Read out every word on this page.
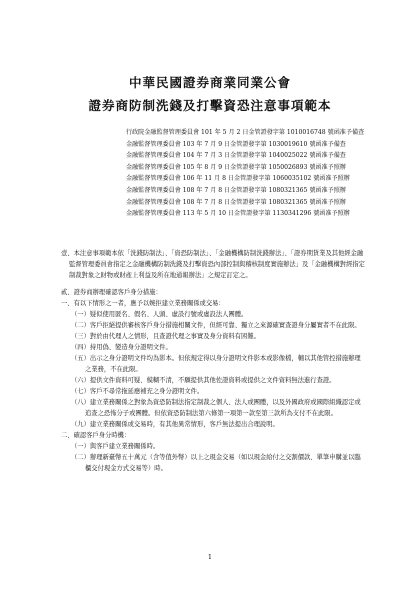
中華民國證券商業同業公會
證券商防制洗錢及打擊資恐注意事項範本
行政院金融監督管理委員會 101 年 5 月 2 日金管證發字第 1010016748 號函准予備查
金融監督管理委員會 103 年 7 月 9 日金管證發字第 1030019610 號函准予備查
金融監督管理委員會 104 年 7 月 3 日金管證發字第 1040025022 號函准予備查
金融監督管理委員會 105 年 8 月 9 日金管證發字第 1050026893 號函准予照辦
金融監督管理委員會 106 年 11 月 8 日金管證發字第 1060035102 號函准予照辦
金融監督管理委員會 108 年 7 月 8 日金管證發字第 1080321365 號函准予照辦
金融監督管理委員會 108 年 7 月 8 日金管證發字第 1080321365 號函准予照辦
金融監督管理委員會 113 年 5 月 10 日金管證發字第 1130341296 號函准予照辦
壹、本注意事項範本依「洗錢防制法」、「資恐防制法」、「金融機構防制洗錢辦法」、「證券期貨業及其他經金融監督管理委員會指定之金融機構防制洗錢及打擊資恐內部控制與稽核制度實施辦法」及「金融機構對經指定制裁對象之財物或財產上利益及所在地通報辦法」之規定訂定之。
貳、證券商辦理確認客戶身分措施：
一、有以下情形之一者，應予以婉拒建立業務關係或交易：
（一）疑似使用匿名、假名、人頭、虛設行號或虛設法人團體。
（二）客戶拒絕提供審核客戶身分措施相關文件，但經可靠、獨立之來源確實查證身分屬實者不在此限。
（三）對於由代理人之情形，且查證代理之事實及身分資料有困難。
（四）持用偽、變造身分證明文件。
（五）出示之身分證明文件均為影本。但依規定得以身分證明文件影本或影像檔，輔以其他管控措施辦理之業務，不在此限。
（六）提供文件資料可疑、模糊不清，不願提供其他佐證資料或提供之文件資料無法進行查證。
（七）客戶不尋常拖延應補充之身分證明文件。
（八）建立業務關係之對象為資恐防制法指定制裁之個人、法人或團體，以及外國政府或國際組織認定或追查之恐怖分子或團體。但依資恐防制法第六條第一項第一款至第三款所為支付不在此限。
（九）建立業務關係或交易時，有其他異常情形，客戶無法提出合理說明。
二、確認客戶身分時機：
（一）與客戶建立業務關係時。
（二）辦理新臺幣五十萬元（含等值外幣）以上之現金交易（如以現金給付之交割價款、單筆申購並以臨櫃交付現金方式交易等）時。
1
